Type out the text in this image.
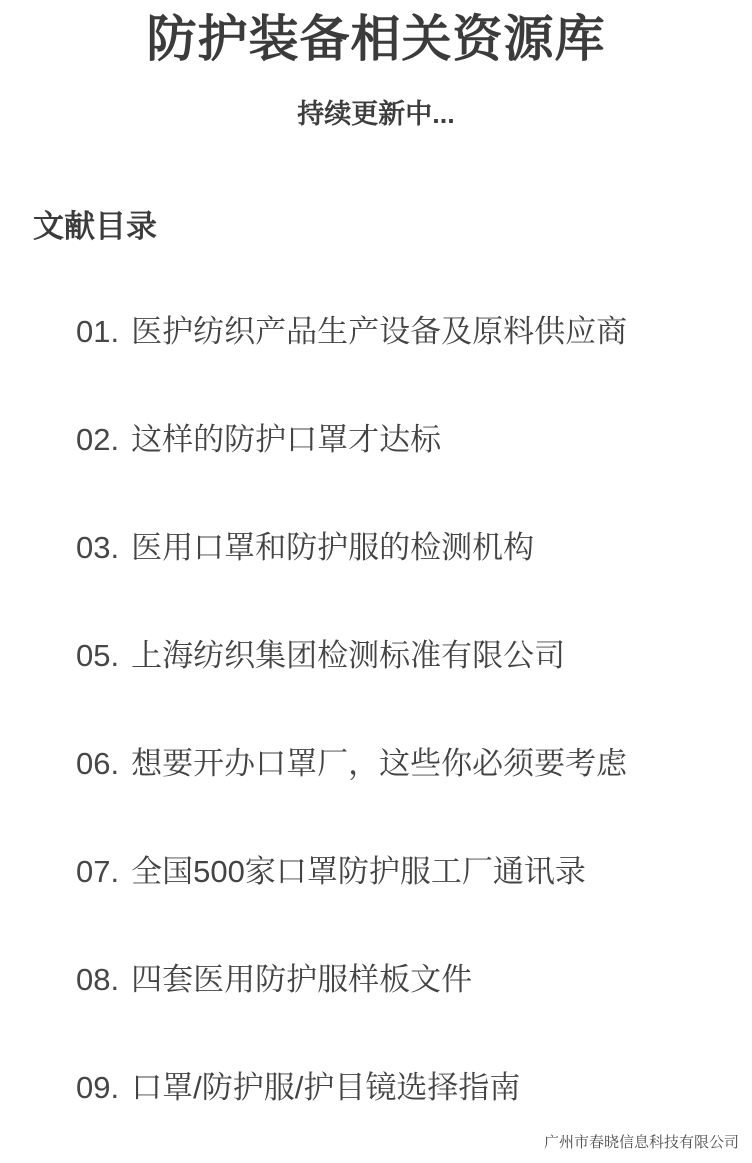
防护装备相关资源库
持续更新中...
文献目录
01. 医护纺织产品生产设备及原料供应商
02. 这样的防护口罩才达标
03. 医用口罩和防护服的检测机构
05. 上海纺织集团检测标准有限公司
06. 想要开办口罩厂，这些你必须要考虑
07. 全国500家口罩防护服工厂通讯录
08. 四套医用防护服样板文件
09. 口罩/防护服/护目镜选择指南
广州市春晓信息科技有限公司
